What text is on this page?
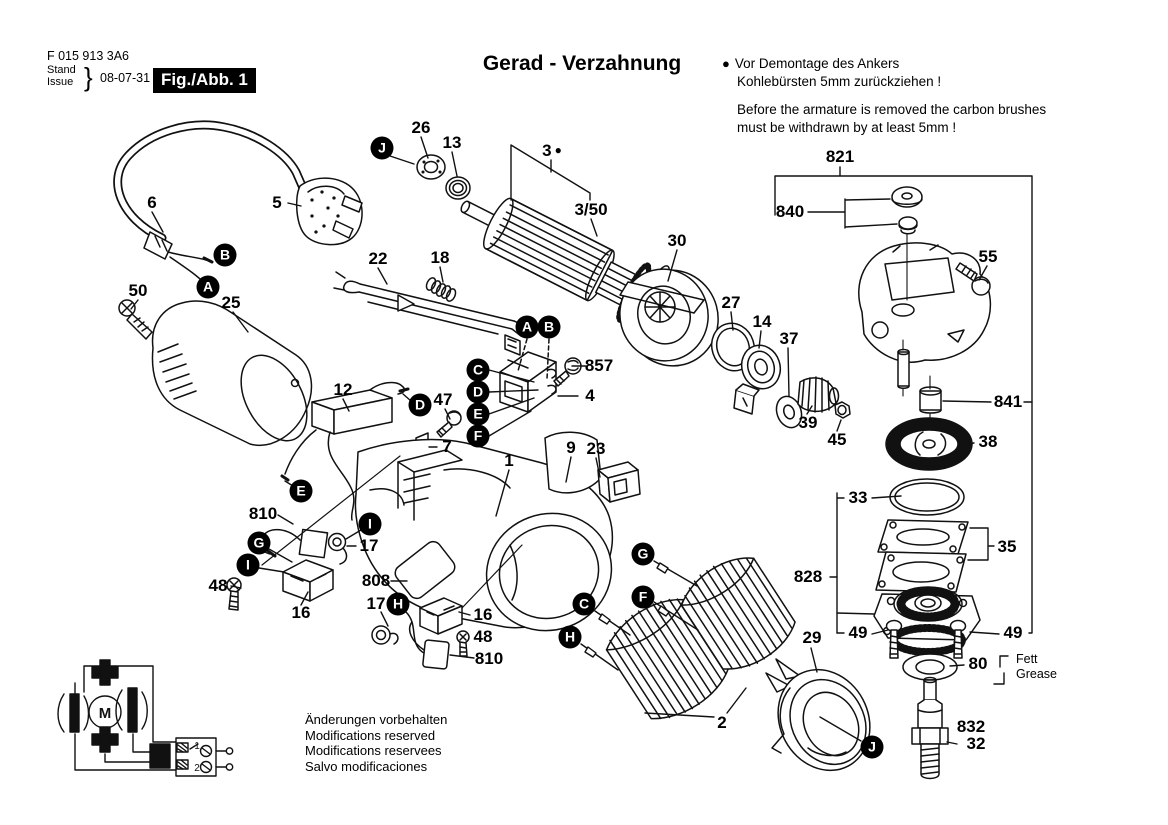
M
1
2
F 015 913 3A6
Stand
Issue } 08-07-31 Fig./Abb. 1
Gerad - Verzahnung	● Vor Demontage des Ankers
Kohlebürsten 5mm zurückziehen !
Before the armature is removed the carbon brushes
must be withdrawn by at least 5mm !
Fett
Grease
Änderungen vorbehalten
Modifications reserved
Modifications reservees
Salvo modificaciones
26
13	3 ●
3/50
30
27
14
37
39
45
821
840
55
841
38
33
35
828
49	49
80
832
32
29
2
23
9
1
4
857
22	18
12
47
7
6	5
50
25
810
17
48
16
808
17
16
48
810
J
B
A
A B
C
D
E
F
D
E
I
G
I
H	C	F
G
H
J
